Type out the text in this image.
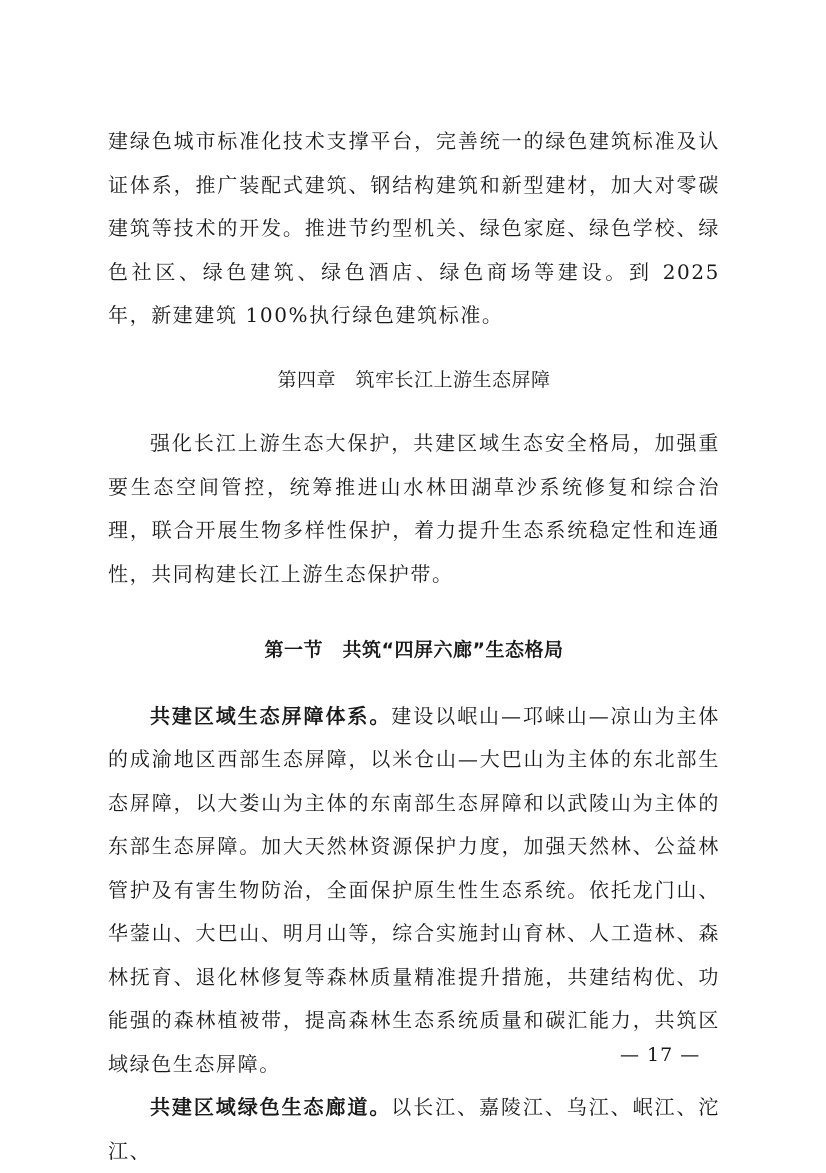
建绿色城市标准化技术支撑平台，完善统一的绿色建筑标准及认证体系，推广装配式建筑、钢结构建筑和新型建材，加大对零碳建筑等技术的开发。推进节约型机关、绿色家庭、绿色学校、绿色社区、绿色建筑、绿色酒店、绿色商场等建设。到 2025 年，新建建筑 100%执行绿色建筑标准。

第四章　筑牢长江上游生态屏障

强化长江上游生态大保护，共建区域生态安全格局，加强重要生态空间管控，统筹推进山水林田湖草沙系统修复和综合治理，联合开展生物多样性保护，着力提升生态系统稳定性和连通性，共同构建长江上游生态保护带。

第一节　共筑“四屏六廊”生态格局

共建区域生态屏障体系。建设以岷山—邛崃山—凉山为主体的成渝地区西部生态屏障，以米仓山—大巴山为主体的东北部生态屏障，以大娄山为主体的东南部生态屏障和以武陵山为主体的东部生态屏障。加大天然林资源保护力度，加强天然林、公益林管护及有害生物防治，全面保护原生性生态系统。依托龙门山、华蓥山、大巴山、明月山等，综合实施封山育林、人工造林、森林抚育、退化林修复等森林质量精准提升措施，共建结构优、功能强的森林植被带，提高森林生态系统质量和碳汇能力，共筑区域绿色生态屏障。

共建区域绿色生态廊道。以长江、嘉陵江、乌江、岷江、沱江、

— 17 —
